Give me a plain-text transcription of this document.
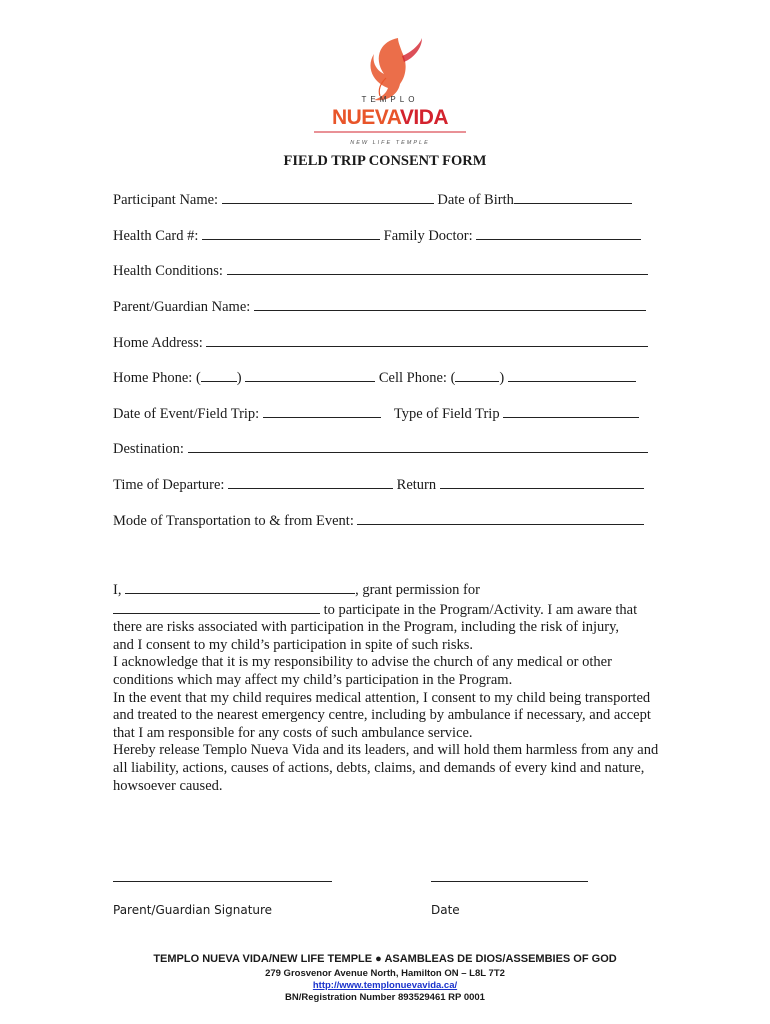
TEMPLO
NUEVAVIDA
NEW LIFE TEMPLE
FIELD TRIP CONSENT FORM
Participant Name:	Date of Birth
Health Card #:	Family Doctor:
Health Conditions:
Parent/Guardian Name:
Home Address:
Home Phone: ( )	Cell Phone: (	)
Date of Event/Field Trip:	Type of Field Trip
Destination:
Time of Departure:	Return
Mode of Transportation to & from Event:

I,	, grant permission for

to participate in the Program/Activity. I am aware that

there are risks associated with participation in the Program, including the risk of injury,

and I consent to my child’s participation in spite of such risks.

I acknowledge that it is my responsibility to advise the church of any medical or other conditions which may affect my child’s participation in the Program.

In the event that my child requires medical attention, I consent to my child being transported and treated to the nearest emergency centre, including by ambulance if necessary, and accept that I am responsible for any costs of such ambulance service.

Hereby release Templo Nueva Vida and its leaders, and will hold them harmless from any and all liability, actions, causes of actions, debts, claims, and demands of every kind and nature, howsoever caused.

Parent/Guardian Signature	Date
TEMPLO NUEVA VIDA/NEW LIFE TEMPLE ● ASAMBLEAS DE DIOS/ASSEMBIES OF GOD
279 Grosvenor Avenue North, Hamilton ON – L8L 7T2
http://www.templonuevavida.ca/
BN/Registration Number 893529461 RP 0001
